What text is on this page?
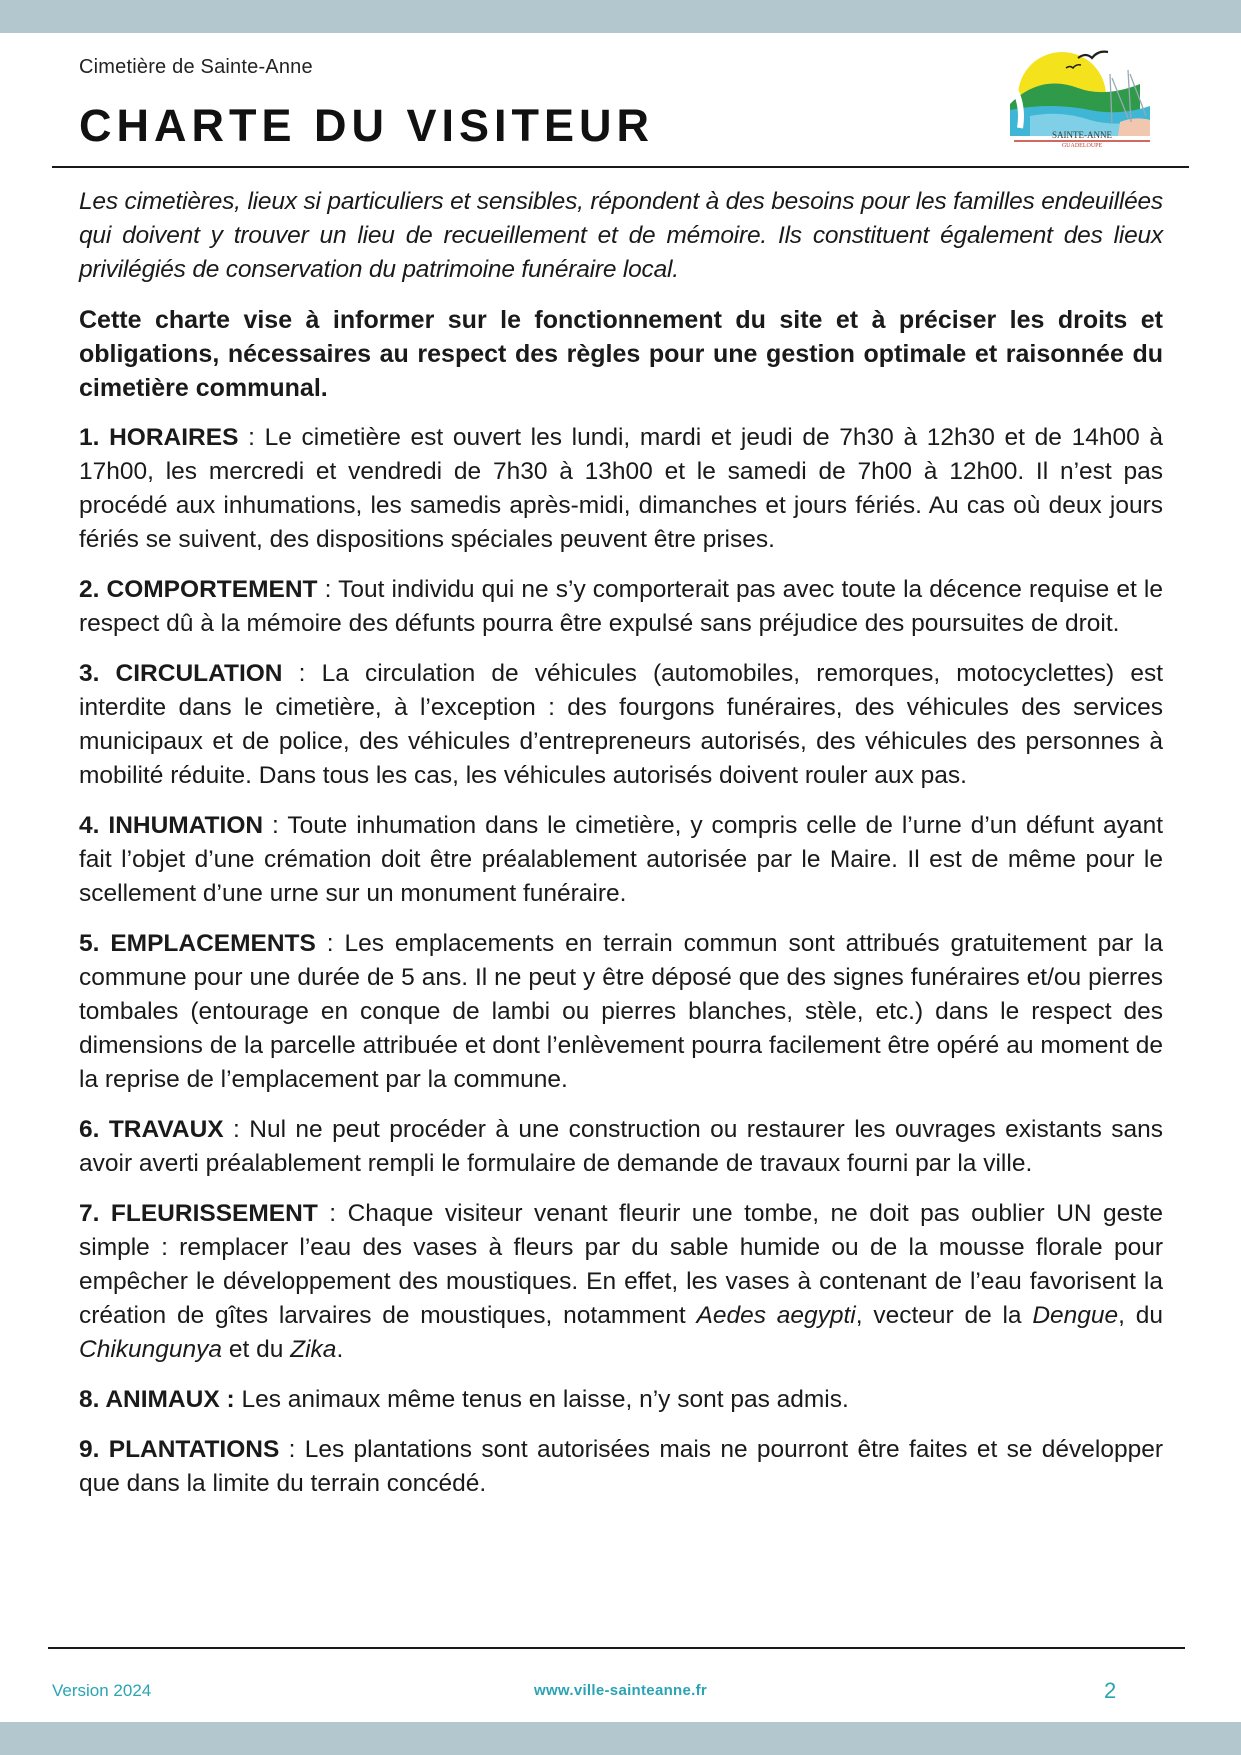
Cimetière de Sainte-Anne
CHARTE DU VISITEUR	SAINTE-ANNE
GUADELOUPE

Les cimetières, lieux si particuliers et sensibles, répondent à des besoins pour les familles endeuillées qui doivent y trouver un lieu de recueillement et de mémoire. Ils constituent également des lieux privilégiés de conservation du patrimoine funéraire local.

Cette charte vise à informer sur le fonctionnement du site et à préciser les droits et obligations, nécessaires au respect des règles pour une gestion optimale et raisonnée du cimetière communal.

1. HORAIRES : Le cimetière est ouvert les lundi, mardi et jeudi de 7h30 à 12h30 et de 14h00 à 17h00, les mercredi et vendredi de 7h30 à 13h00 et le samedi de 7h00 à 12h00. Il n’est pas procédé aux inhumations, les samedis après-midi, dimanches et jours fériés. Au cas où deux jours fériés se suivent, des dispositions spéciales peuvent être prises.

2. COMPORTEMENT : Tout individu qui ne s’y comporterait pas avec toute la décence requise et le respect dû à la mémoire des défunts pourra être expulsé sans préjudice des poursuites de droit.

3. CIRCULATION : La circulation de véhicules (automobiles, remorques, motocyclettes) est interdite dans le cimetière, à l’exception : des fourgons funéraires, des véhicules des services municipaux et de police, des véhicules d’entrepreneurs autorisés, des véhicules des personnes à mobilité réduite. Dans tous les cas, les véhicules autorisés doivent rouler aux pas.

4. INHUMATION : Toute inhumation dans le cimetière, y compris celle de l’urne d’un défunt ayant fait l’objet d’une crémation doit être préalablement autorisée par le Maire. Il est de même pour le scellement d’une urne sur un monument funéraire.

5. EMPLACEMENTS : Les emplacements en terrain commun sont attribués gratuitement par la commune pour une durée de 5 ans. Il ne peut y être déposé que des signes funéraires et/ou pierres tombales (entourage en conque de lambi ou pierres blanches, stèle, etc.) dans le respect des dimensions de la parcelle attribuée et dont l’enlèvement pourra facilement être opéré au moment de la reprise de l’emplacement par la commune.

6. TRAVAUX : Nul ne peut procéder à une construction ou restaurer les ouvrages existants sans avoir averti préalablement rempli le formulaire de demande de travaux fourni par la ville.

7. FLEURISSEMENT : Chaque visiteur venant fleurir une tombe, ne doit pas oublier UN geste simple : remplacer l’eau des vases à fleurs par du sable humide ou de la mousse florale pour empêcher le développement des moustiques. En effet, les vases à contenant de l’eau favorisent la création de gîtes larvaires de moustiques, notamment Aedes aegypti, vecteur de la Dengue, du Chikungunya et du Zika.

8. ANIMAUX : Les animaux même tenus en laisse, n’y sont pas admis.

9. PLANTATIONS : Les plantations sont autorisées mais ne pourront être faites et se développer que dans la limite du terrain concédé.

Version 2024	www.ville-sainteanne.fr	2
